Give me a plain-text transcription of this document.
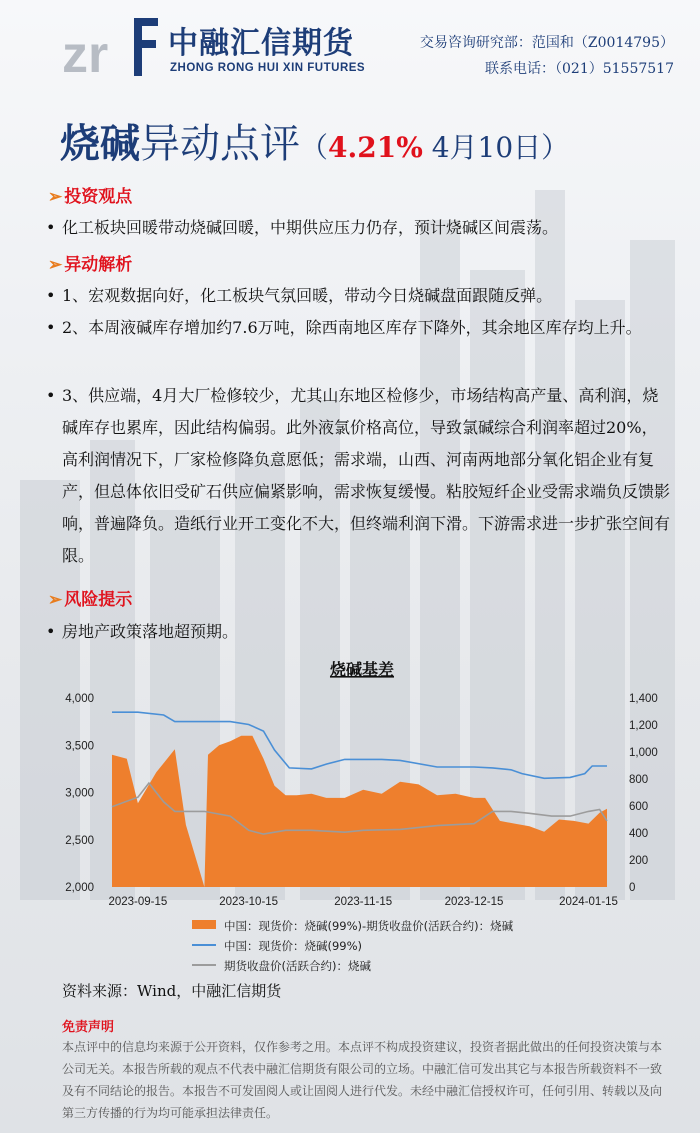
zr 中融汇信期货
ZHONG RONG HUI XIN FUTURES
交易咨询研究部：范国和（Z0014795）
联系电话：（021）51557517
烧碱异动点评（4.21% 4月10日）
➢ 投资观点
• 化工板块回暖带动烧碱回暖，中期供应压力仍存，预计烧碱区间震荡。
➢ 异动解析
• 1、宏观数据向好，化工板块气氛回暖，带动今日烧碱盘面跟随反弹。
• 2、本周液碱库存增加约7.6万吨，除西南地区库存下降外，其余地区库存均上升。
• 3、供应端，4月大厂检修较少，尤其山东地区检修少，市场结构高产量、高利润，烧碱库存也累库，因此结构偏弱。此外液氯价格高位，导致氯碱综合利润率超过20%，高利润情况下，厂家检修降负意愿低；需求端，山西、河南两地部分氧化铝企业有复产，但总体依旧受矿石供应偏紧影响，需求恢复缓慢。粘胶短纤企业受需求端负反馈影响，普遍降负。造纸行业开工变化不大，但终端利润下滑。下游需求进一步扩张空间有限。
➢ 风险提示
• 房地产政策落地超预期。
烧碱基差
4,000
3,500
3,000
2,500
2,000
1,400
1,200
1,000
800
600
400
200
0
2023-09-15	2023-10-15	2023-11-15	2023-12-15	2024-01-15
中国：现货价：烧碱(99%)-期货收盘价(活跃合约)：烧碱
中国：现货价：烧碱(99%)
期货收盘价(活跃合约)：烧碱
资料来源：Wind，中融汇信期货
免责声明
本点评中的信息均来源于公开资料，仅作参考之用。本点评不构成投资建议，投资者据此做出的任何投资决策与本公司无关。本报告所载的观点不代表中融汇信期货有限公司的立场。中融汇信可发出其它与本报告所载资料不一致及有不同结论的报告。本报告不可发固阅人或让固阅人进行代发。未经中融汇信授权许可，任何引用、转载以及向第三方传播的行为均可能承担法律责任。
